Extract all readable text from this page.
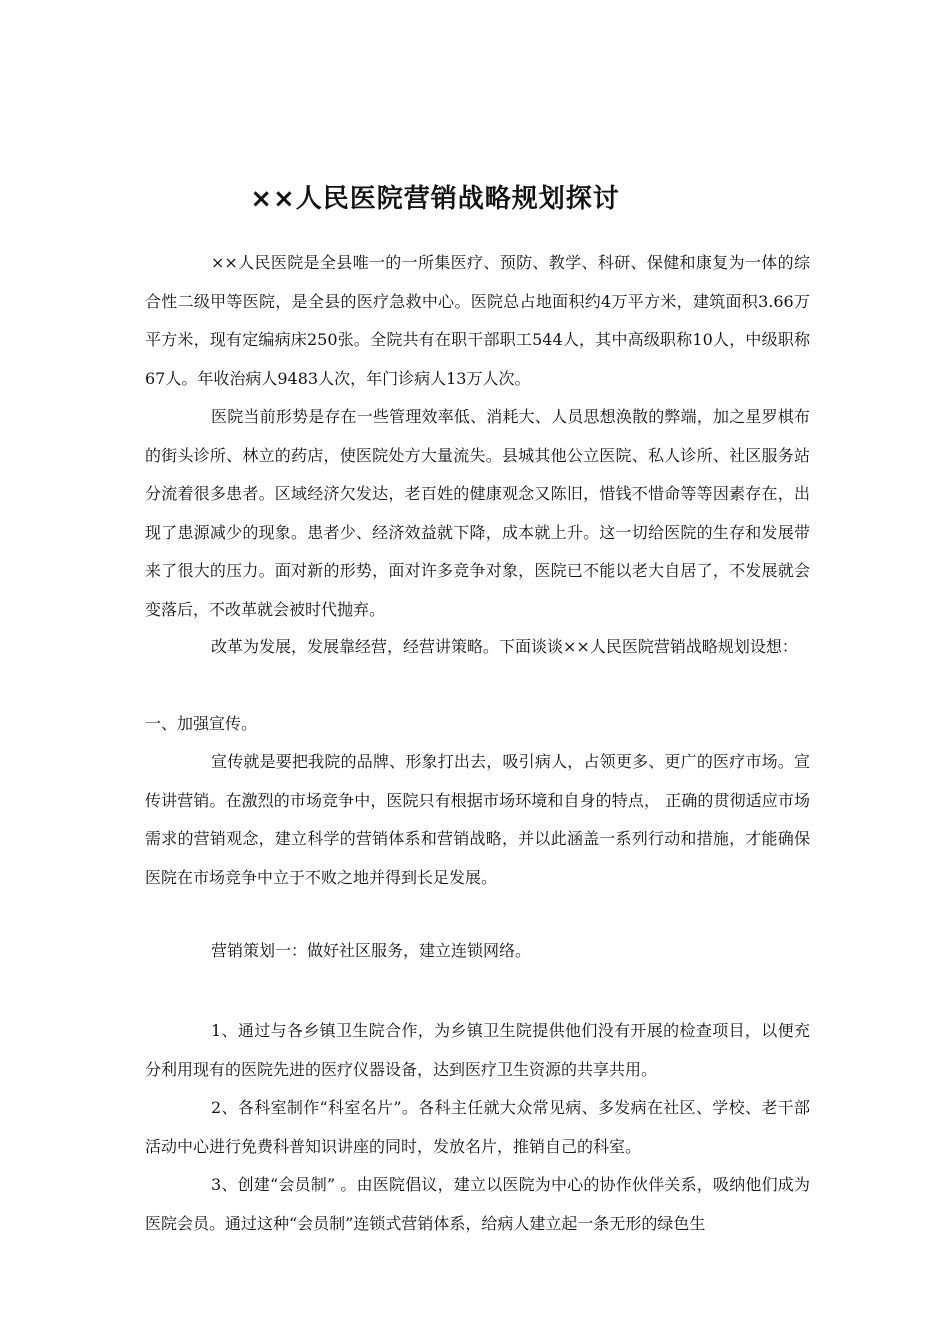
××人民医院营销战略规划探讨

××人民医院是全县唯一的一所集医疗、预防、教学、科研、保健和康复为一体的综合性二级甲等医院，是全县的医疗急救中心。医院总占地面积约4万平方米，建筑面积3.66万平方米，现有定编病床250张。全院共有在职干部职工544人，其中高级职称10人，中级职称67人。年收治病人9483人次，年门诊病人13万人次。

医院当前形势是存在一些管理效率低、消耗大、人员思想涣散的弊端，加之星罗棋布的街头诊所、林立的药店，使医院处方大量流失。县城其他公立医院、私人诊所、社区服务站分流着很多患者。区域经济欠发达，老百姓的健康观念又陈旧，惜钱不惜命等等因素存在，出现了患源减少的现象。患者少、经济效益就下降，成本就上升。这一切给医院的生存和发展带来了很大的压力。面对新的形势，面对许多竞争对象，医院已不能以老大自居了，不发展就会变落后，不改革就会被时代抛弃。

改革为发展，发展靠经营，经营讲策略。下面谈谈××人民医院营销战略规划设想：

一、加强宣传。

宣传就是要把我院的品牌、形象打出去，吸引病人，占领更多、更广的医疗市场。宣传讲营销。在激烈的市场竞争中，医院只有根据市场环境和自身的特点， 正确的贯彻适应市场需求的营销观念，建立科学的营销体系和营销战略，并以此涵盖一系列行动和措施，才能确保医院在市场竞争中立于不败之地并得到长足发展。

营销策划一：做好社区服务，建立连锁网络。

1、通过与各乡镇卫生院合作，为乡镇卫生院提供他们没有开展的检查项目，以便充分利用现有的医院先进的医疗仪器设备，达到医疗卫生资源的共享共用。

2、各科室制作“科室名片”。各科主任就大众常见病、多发病在社区、学校、老干部活动中心进行免费科普知识讲座的同时，发放名片，推销自己的科室。

3、创建“会员制” 。由医院倡议，建立以医院为中心的协作伙伴关系，吸纳他们成为医院会员。通过这种“会员制”连锁式营销体系，给病人建立起一条无形的绿色生
